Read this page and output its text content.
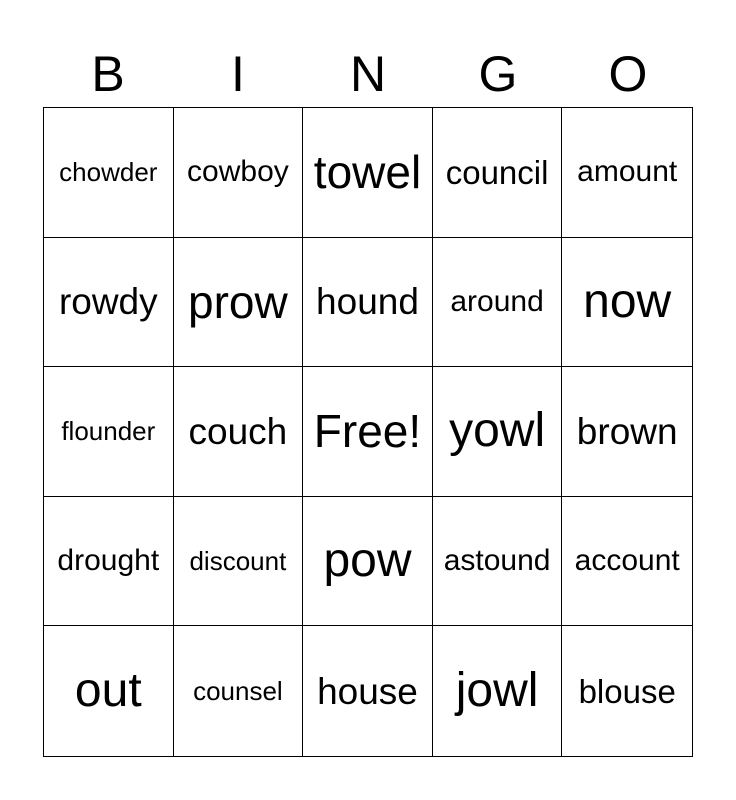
B	I	N	G	O
chowder cowboy towel council amount
rowdy prow hound	around now
flounder couch Free! yowl brown
drought	discount pow	astound account
out	counsel house jowl	blouse
